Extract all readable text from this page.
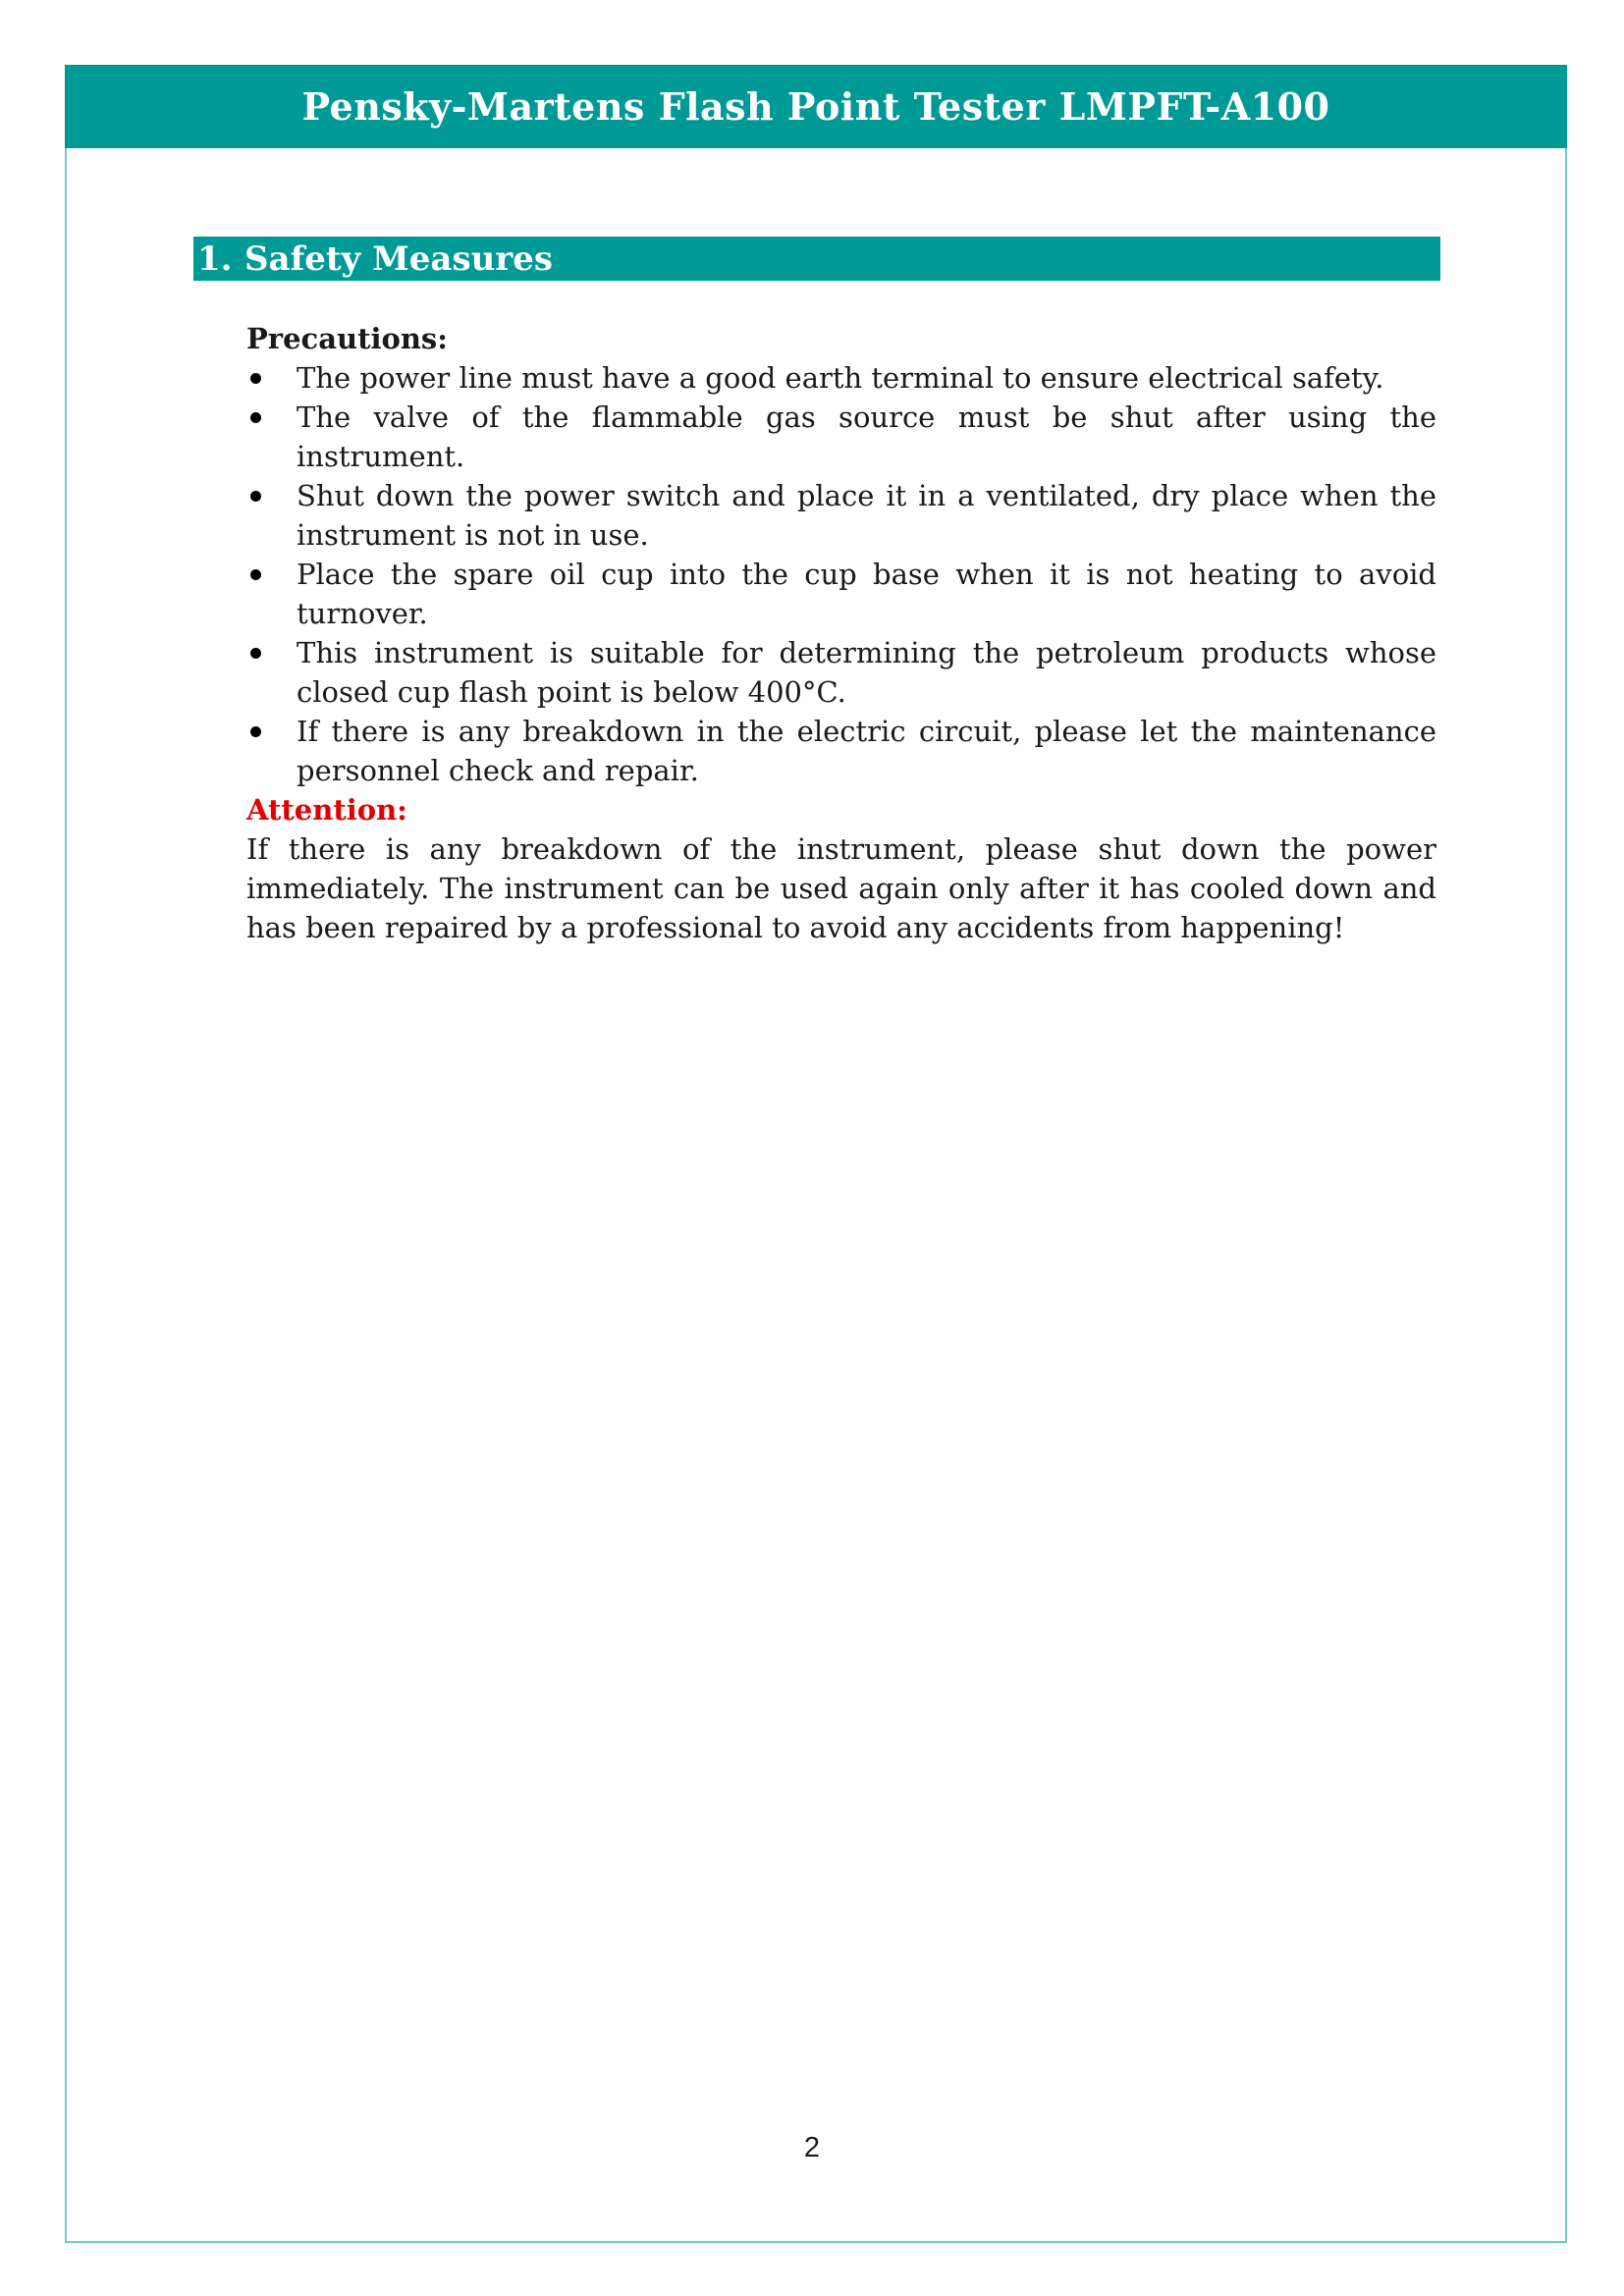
Pensky-Martens Flash Point Tester LMPFT-A100
1. Safety Measures

Precautions:

The power line must have a good earth terminal to ensure electrical safety.
The valve of the flammable gas source must be shut after using the instrument.
Shut down the power switch and place it in a ventilated, dry place when the instrument is not in use.
Place the spare oil cup into the cup base when it is not heating to avoid turnover.
This instrument is suitable for determining the petroleum products whose closed cup flash point is below 400°C.
If there is any breakdown in the electric circuit, please let the maintenance personnel check and repair.

Attention:

If there is any breakdown of the instrument, please shut down the power immediately. The instrument can be used again only after it has cooled down and has been repaired by a professional to avoid any accidents from happening!

2
